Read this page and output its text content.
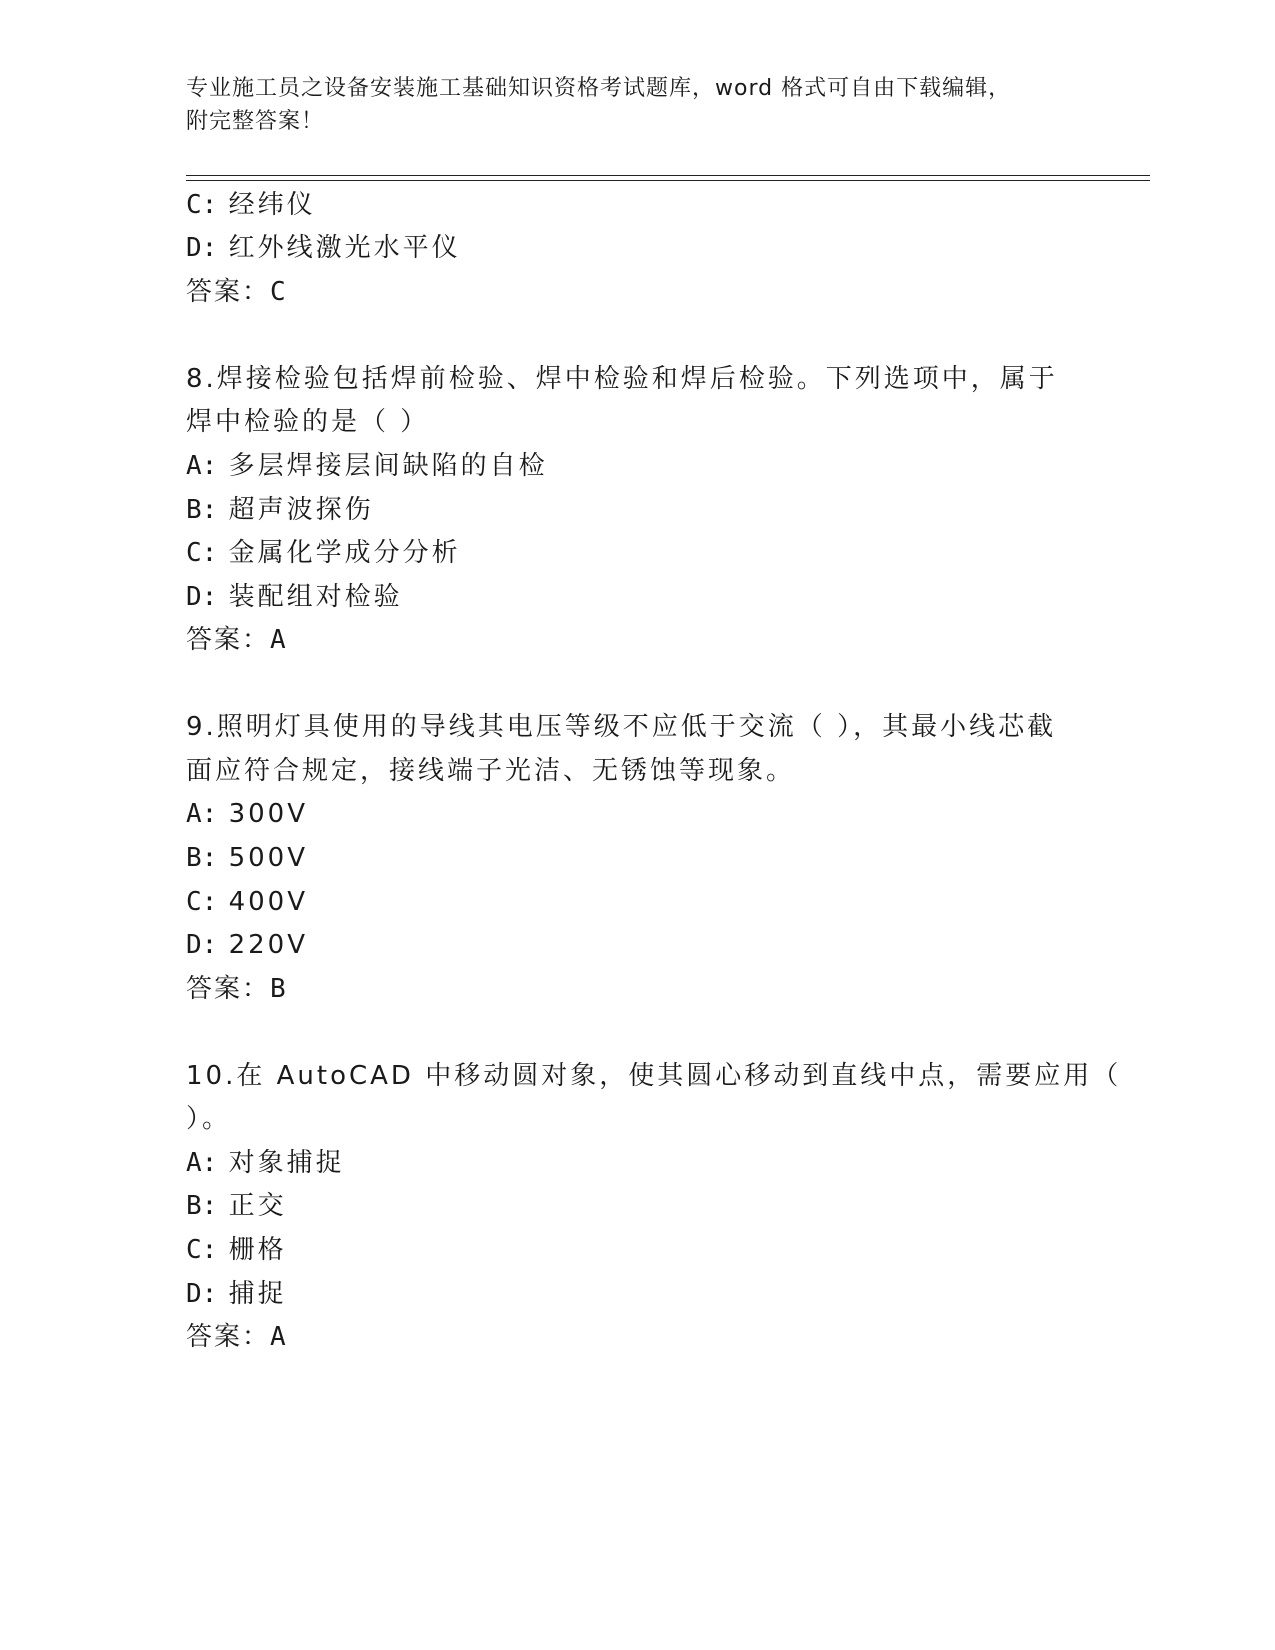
专业施工员之设备安装施工基础知识资格考试题库，word 格式可自由下载编辑，
附完整答案！
C: 经纬仪
D: 红外线激光水平仪
答案：C
8.焊接检验包括焊前检验、焊中检验和焊后检验。下列选项中，属于
焊中检验的是（ ）
A: 多层焊接层间缺陷的自检
B: 超声波探伤
C: 金属化学成分分析
D: 装配组对检验
答案：A
9.照明灯具使用的导线其电压等级不应低于交流（ ），其最小线芯截
面应符合规定，接线端子光洁、无锈蚀等现象。
A: 300V
B: 500V
C: 400V
D: 220V
答案：B
10.在 AutoCAD 中移动圆对象，使其圆心移动到直线中点，需要应用（
）。
A: 对象捕捉
B: 正交
C: 栅格
D: 捕捉
答案：A
